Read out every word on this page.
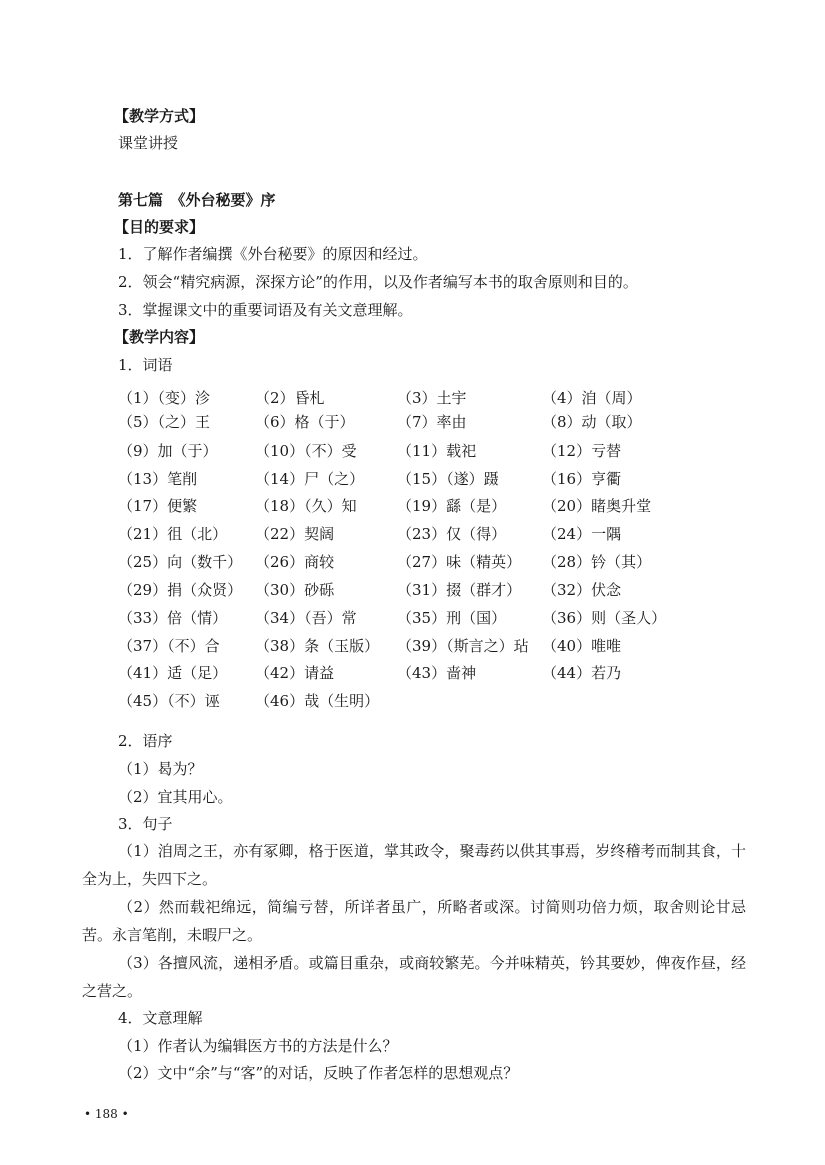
【教学方式】
课堂讲授
第七篇　《外台秘要》序
【目的要求】
1．了解作者编撰《外台秘要》的原因和经过。
2．领会“精究病源，深探方论”的作用，以及作者编写本书的取舍原则和目的。
3．掌握课文中的重要词语及有关文意理解。
【教学内容】
1．词语
（1）（变）沴	（2）昏札	（3）土宇	（4）洎（周）
（5）（之）王	（6）格（于）	（7）率由	（8）动（取）
（9）加（于） （10）（不）受	（11）载祀	（12）亏替
（13）笔削	（14）尸（之） （15）（遂）蹑	（16）亨衢
（17）便繁	（18）（久）知	（19）繇（是） （20）睹奥升堂
（21）徂（北） （22）契阔	（23）仅（得） （24）一隅
（25）向（数千） （26）商较	（27）味（精英） （28）钤（其）
（29）捐（众贤） （30）砂砾	（31）掇（群才） （32）伏念
（33）倍（情） （34）（吾）常	（35）刑（国） （36）则（圣人）
（37）（不）合 （38）条（玉版） （39）（斯言之）玷 （40）唯唯
（41）适（足） （42）请益	（43）啬神	（44）若乃
（45）（不）诬 （46）哉（生明）
2．语序
（1）曷为？
（2）宜其用心。
3．句子
（1）洎周之王，亦有冢卿，格于医道，掌其政令，聚毒药以供其事焉，岁终稽考而制其食，十全为上，失四下之。
（2）然而载祀绵远，简编亏替，所详者虽广，所略者或深。讨简则功倍力烦，取舍则论甘忌苦。永言笔削，未暇尸之。
（3）各擅风流，递相矛盾。或篇目重杂，或商较繁芜。今并味精英，钤其要妙，俾夜作昼，经之营之。
4．文意理解
（1）作者认为编辑医方书的方法是什么？
（2）文中“余”与“客”的对话，反映了作者怎样的思想观点？
• 188 •
